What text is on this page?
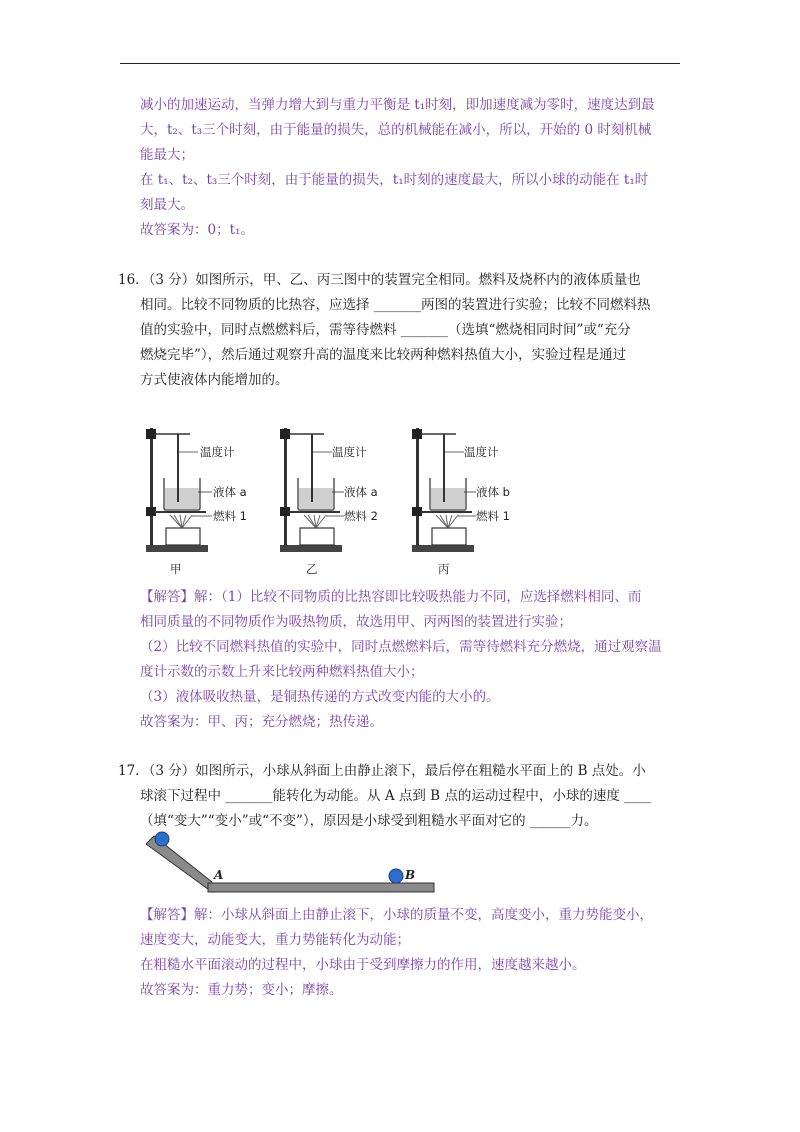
减小的加速运动，当弹力增大到与重力平衡是 t₁时刻，即加速度减为零时，速度达到最
大，t₂、t₃三个时刻，由于能量的损失，总的机械能在减小，所以，开始的 0 时刻机械
能最大；
在 t₁、t₂、t₃三个时刻，由于能量的损失，t₁时刻的速度最大，所以小球的动能在 t₁时
刻最大。
故答案为：0；t₁。
16．（3 分）如图所示，甲、乙、丙三图中的装置完全相同。燃料及烧杯内的液体质量也
相同。比较不同物质的比热容，应选择 _______两图的装置进行实验；比较不同燃料热
值的实验中，同时点燃燃料后，需等待燃料 _______（选填“燃烧相同时间”或“充分
燃烧完毕”），然后通过观察升高的温度来比较两种燃料热值大小，实验过程是通过
方式使液体内能增加的。
温度计
液体 a
燃料 1
甲
温度计
液体 a
燃料 2
乙
温度计
液体 b
燃料 1
丙
【解答】解：（1）比较不同物质的比热容即比较吸热能力不同，应选择燃料相同、而
相同质量的不同物质作为吸热物质，故选用甲、丙两图的装置进行实验；
（2）比较不同燃料热值的实验中，同时点燃燃料后，需等待燃料充分燃烧，通过观察温
度计示数的示数上升来比较两种燃料热值大小；
（3）液体吸收热量，是铜热传递的方式改变内能的大小的。
故答案为：甲、丙；充分燃烧；热传递。
17．（3 分）如图所示，小球从斜面上由静止滚下，最后停在粗糙水平面上的 B 点处。小
球滚下过程中 _______能转化为动能。从 A 点到 B 点的运动过程中，小球的速度 ____
（填“变大”“变小”或“不变”），原因是小球受到粗糙水平面对它的 ______力。
A	B
【解答】解：小球从斜面上由静止滚下，小球的质量不变，高度变小，重力势能变小，
速度变大，动能变大，重力势能转化为动能；
在粗糙水平面滚动的过程中，小球由于受到摩擦力的作用，速度越来越小。
故答案为：重力势；变小；摩擦。
